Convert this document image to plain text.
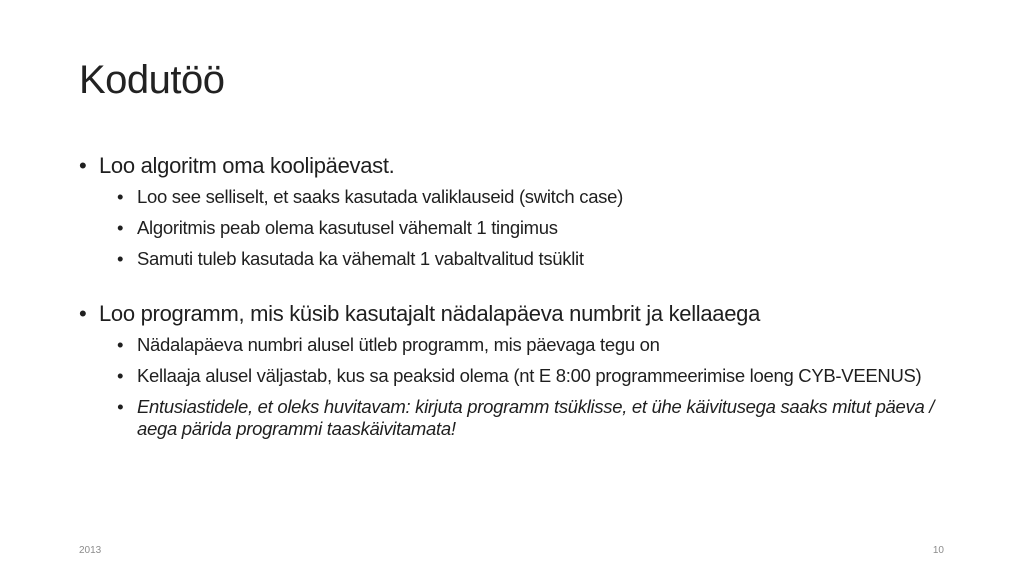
Kodutöö
• Loo algoritm oma koolipäevast.
• Loo see selliselt, et saaks kasutada valiklauseid (switch case)
• Algoritmis peab olema kasutusel vähemalt 1 tingimus
• Samuti tuleb kasutada ka vähemalt 1 vabaltvalitud tsüklit
• Loo programm, mis küsib kasutajalt nädalapäeva numbrit ja kellaaega
• Nädalapäeva numbri alusel ütleb programm, mis päevaga tegu on
• Kellaaja alusel väljastab, kus sa peaksid olema (nt E 8:00 programmeerimise loeng CYB-VEENUS)
• Entusiastidele, et oleks huvitavam: kirjuta programm tsüklisse, et ühe käivitusega saaks mitut päeva / aega pärida programmi taaskäivitamata!
2013	10
